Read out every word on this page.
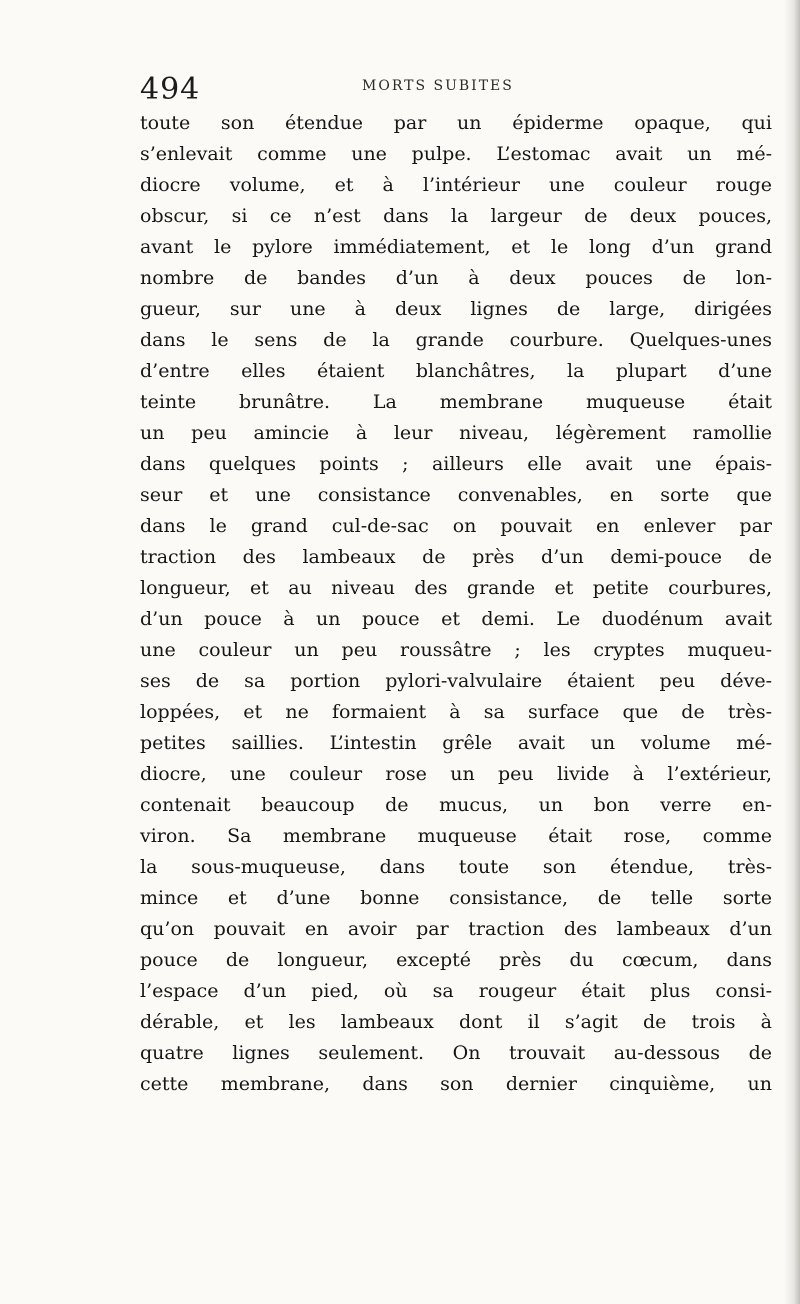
494	MORTS SUBITES
toute son étendue par un épiderme opaque, qui
s’enlevait comme une pulpe. L’estomac avait un mé-
diocre volume, et à l’intérieur une couleur rouge
obscur, si ce n’est dans la largeur de deux pouces,
avant le pylore immédiatement, et le long d’un grand
nombre de bandes d’un à deux pouces de lon-
gueur, sur une à deux lignes de large, dirigées
dans le sens de la grande courbure. Quelques-unes
d’entre elles étaient blanchâtres, la plupart d’une
teinte brunâtre. La membrane muqueuse était
un peu amincie à leur niveau, légèrement ramollie
dans quelques points ; ailleurs elle avait une épais-
seur et une consistance convenables, en sorte que
dans le grand cul-de-sac on pouvait en enlever par
traction des lambeaux de près d’un demi-pouce de
longueur, et au niveau des grande et petite courbures,
d’un pouce à un pouce et demi. Le duodénum avait
une couleur un peu roussâtre ; les cryptes muqueu-
ses de sa portion pylori-valvulaire étaient peu déve-
loppées, et ne formaient à sa surface que de très-
petites saillies. L’intestin grêle avait un volume mé-
diocre, une couleur rose un peu livide à l’extérieur,
contenait beaucoup de mucus, un bon verre en-
viron. Sa membrane muqueuse était rose, comme
la sous-muqueuse, dans toute son étendue, très-
mince et d’une bonne consistance, de telle sorte
qu’on pouvait en avoir par traction des lambeaux d’un
pouce de longueur, excepté près du cœcum, dans
l’espace d’un pied, où sa rougeur était plus consi-
dérable, et les lambeaux dont il s’agit de trois à
quatre lignes seulement. On trouvait au-dessous de
cette membrane, dans son dernier cinquième, un
